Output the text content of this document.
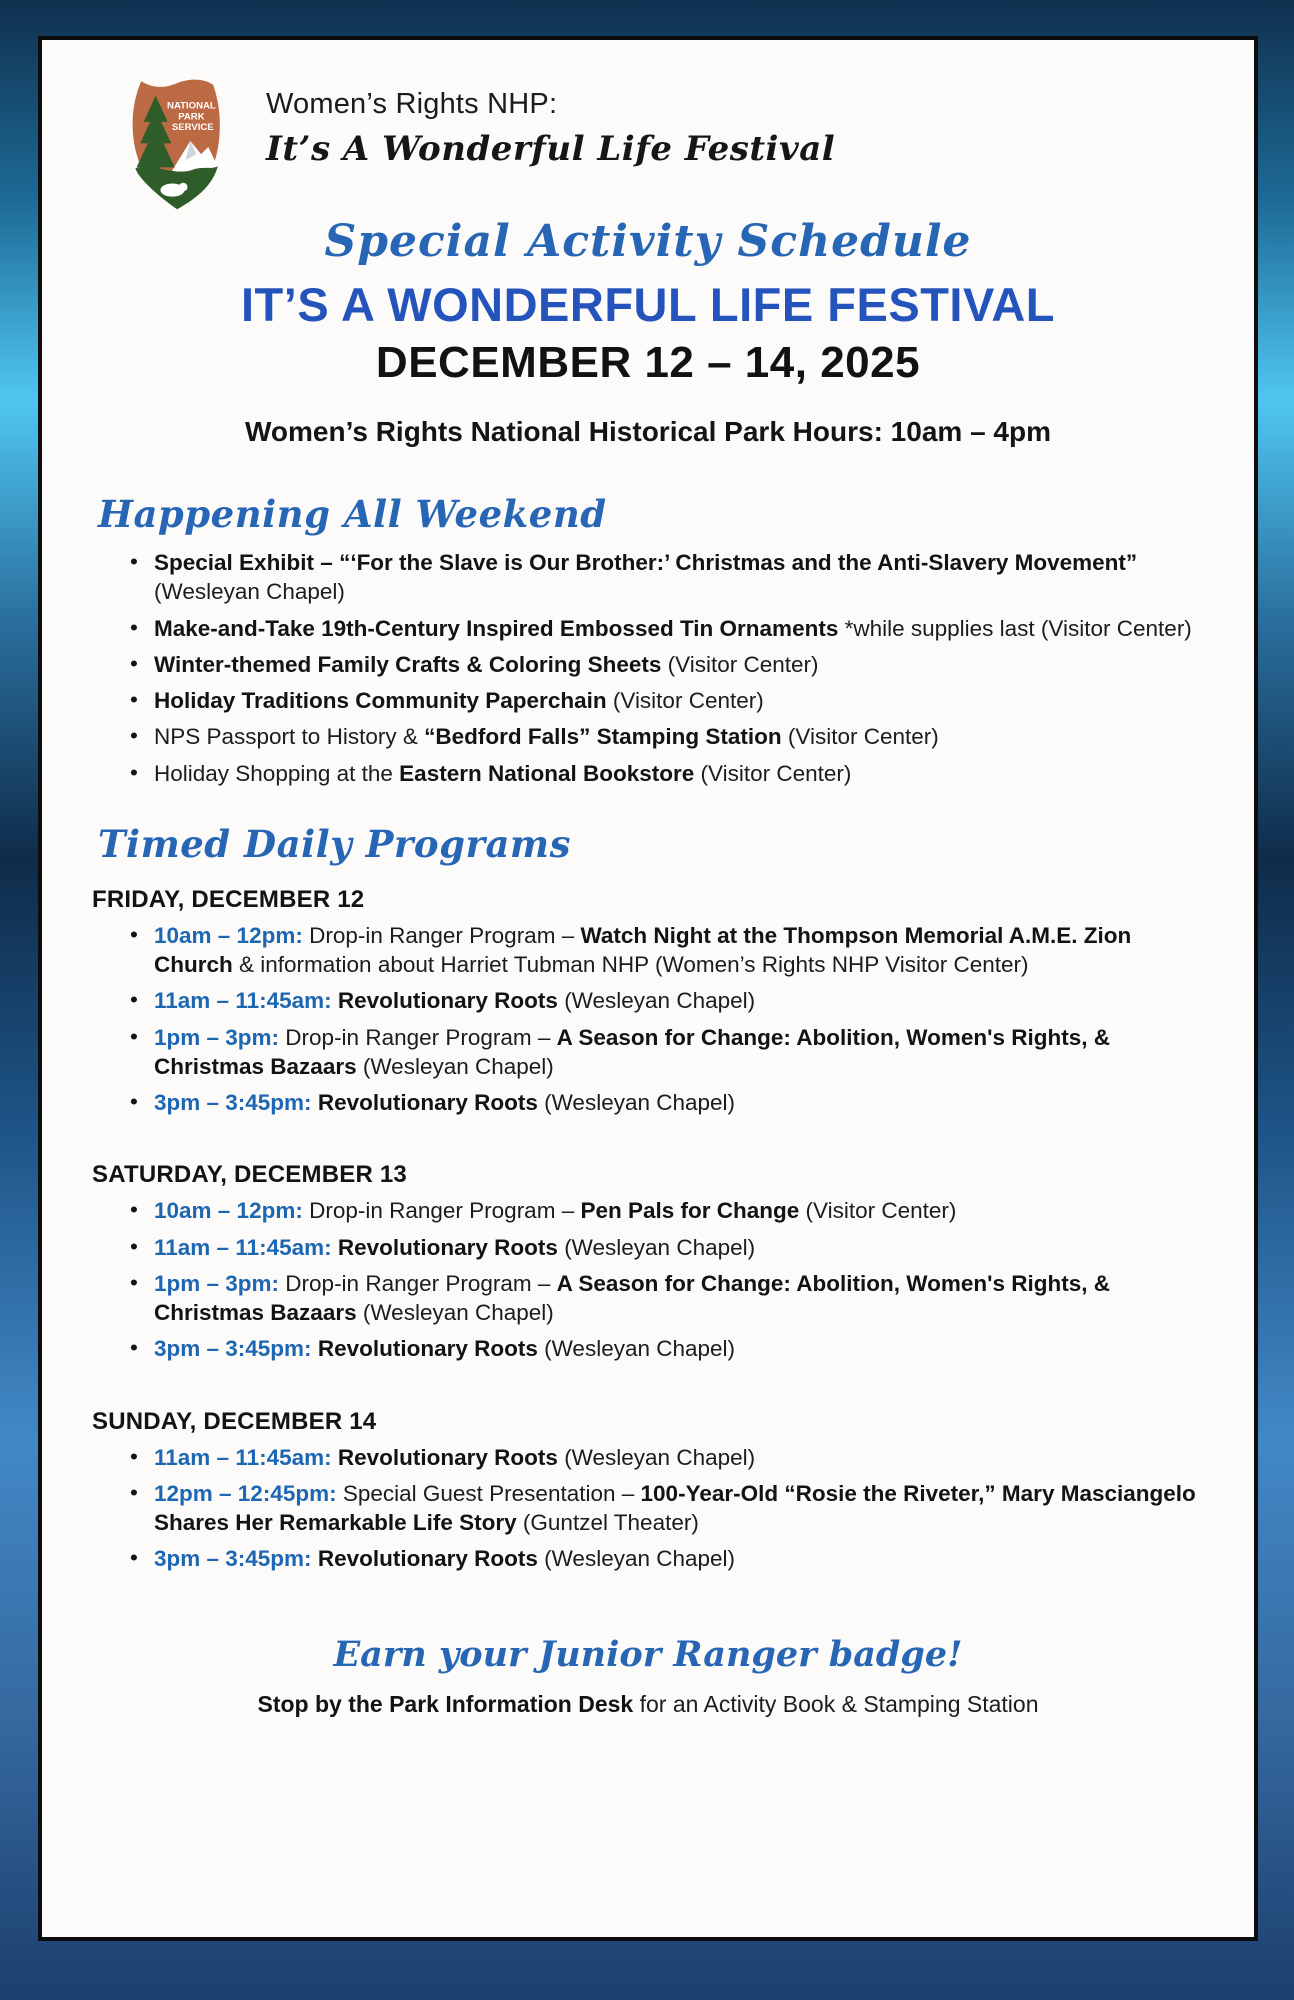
NATIONAL PARK SERVICE
Women’s Rights NHP:
It’s A Wonderful Life Festival
Special Activity Schedule
IT’S A WONDERFUL LIFE FESTIVAL
DECEMBER 12 – 14, 2025
Women’s Rights National Historical Park Hours: 10am – 4pm
Happening All Weekend
• Special Exhibit – “‘For the Slave is Our Brother:’ Christmas and the Anti-Slavery Movement” (Wesleyan Chapel)
• Make-and-Take 19th-Century Inspired Embossed Tin Ornaments *while supplies last (Visitor Center)
• Winter-themed Family Crafts & Coloring Sheets (Visitor Center)
• Holiday Traditions Community Paperchain (Visitor Center)
• NPS Passport to History & “Bedford Falls” Stamping Station (Visitor Center)
• Holiday Shopping at the Eastern National Bookstore (Visitor Center)
Timed Daily Programs
FRIDAY, DECEMBER 12
• 10am – 12pm: Drop-in Ranger Program – Watch Night at the Thompson Memorial A.M.E. Zion Church & information about Harriet Tubman NHP (Women’s Rights NHP Visitor Center)
• 11am – 11:45am: Revolutionary Roots (Wesleyan Chapel)
• 1pm – 3pm: Drop-in Ranger Program – A Season for Change: Abolition, Women's Rights, & Christmas Bazaars (Wesleyan Chapel)
• 3pm – 3:45pm: Revolutionary Roots (Wesleyan Chapel)
SATURDAY, DECEMBER 13
• 10am – 12pm: Drop-in Ranger Program – Pen Pals for Change (Visitor Center)
• 11am – 11:45am: Revolutionary Roots (Wesleyan Chapel)
• 1pm – 3pm: Drop-in Ranger Program – A Season for Change: Abolition, Women's Rights, & Christmas Bazaars (Wesleyan Chapel)
• 3pm – 3:45pm: Revolutionary Roots (Wesleyan Chapel)
SUNDAY, DECEMBER 14
• 11am – 11:45am: Revolutionary Roots (Wesleyan Chapel)
• 12pm – 12:45pm: Special Guest Presentation – 100-Year-Old “Rosie the Riveter,” Mary Masciangelo Shares Her Remarkable Life Story (Guntzel Theater)
• 3pm – 3:45pm: Revolutionary Roots (Wesleyan Chapel)
Earn your Junior Ranger badge!
Stop by the Park Information Desk for an Activity Book & Stamping Station
